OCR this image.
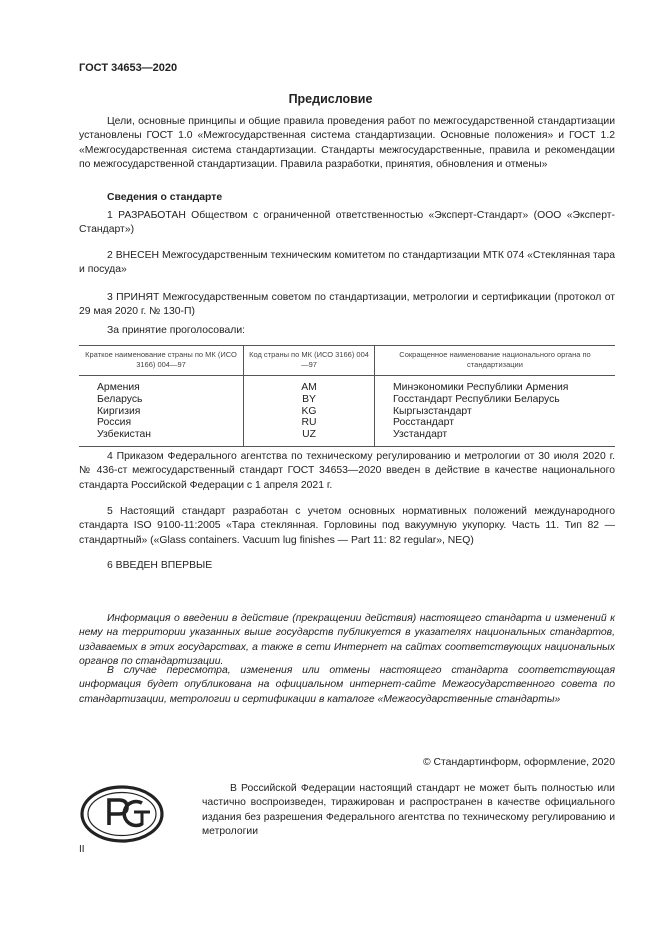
ГОСТ 34653—2020
Предисловие
Цели, основные принципы и общие правила проведения работ по межгосударственной стандартизации установлены ГОСТ 1.0 «Межгосударственная система стандартизации. Основные положения» и ГОСТ 1.2 «Межгосударственная система стандартизации. Стандарты межгосударственные, правила и рекомендации по межгосударственной стандартизации. Правила разработки, принятия, обновления и отмены»
Сведения о стандарте
1 РАЗРАБОТАН Обществом с ограниченной ответственностью «Эксперт-Стандарт» (ООО «Эксперт-Стандарт»)
2 ВНЕСЕН Межгосударственным техническим комитетом по стандартизации МТК 074 «Стеклянная тара и посуда»
3 ПРИНЯТ Межгосударственным советом по стандартизации, метрологии и сертификации (протокол от 29 мая 2020 г. № 130-П)
За принятие проголосовали:
Краткое наименование страны по МК (ИСО 3166) 004—97	Код страны по МК (ИСО 3166) 004—97	Сокращенное наименование национального органа по стандартизации
Армения	AM	Минэкономики Республики Армения
Беларусь	BY	Госстандарт Республики Беларусь
Киргизия	KG	Кыргызстандарт
Россия	RU	Росстандарт
Узбекистан	UZ	Узстандарт
4 Приказом Федерального агентства по техническому регулированию и метрологии от 30 июля 2020 г. № 436-ст межгосударственный стандарт ГОСТ 34653—2020 введен в действие в качестве национального стандарта Российской Федерации с 1 апреля 2021 г.
5 Настоящий стандарт разработан с учетом основных нормативных положений международного стандарта ISO 9100-11:2005 «Тара стеклянная. Горловины под вакуумную укупорку. Часть 11. Тип 82 — стандартный» («Glass containers. Vacuum lug finishes — Part 11: 82 regular», NEQ)
6 ВВЕДЕН ВПЕРВЫЕ
Информация о введении в действие (прекращении действия) настоящего стандарта и изменений к нему на территории указанных выше государств публикуется в указателях национальных стандартов, издаваемых в этих государствах, а также в сети Интернет на сайтах соответствующих национальных органов по стандартизации.
В случае пересмотра, изменения или отмены настоящего стандарта соответствующая информация будет опубликована на официальном интернет-сайте Межгосударственного совета по стандартизации, метрологии и сертификации в каталоге «Межгосударственные стандарты»
© Стандартинформ, оформление, 2020
В Российской Федерации настоящий стандарт не может быть полностью или частично воспроизведен, тиражирован и распространен в качестве официального издания без разрешения Федерального агентства по техническому регулированию и метрологии
II
